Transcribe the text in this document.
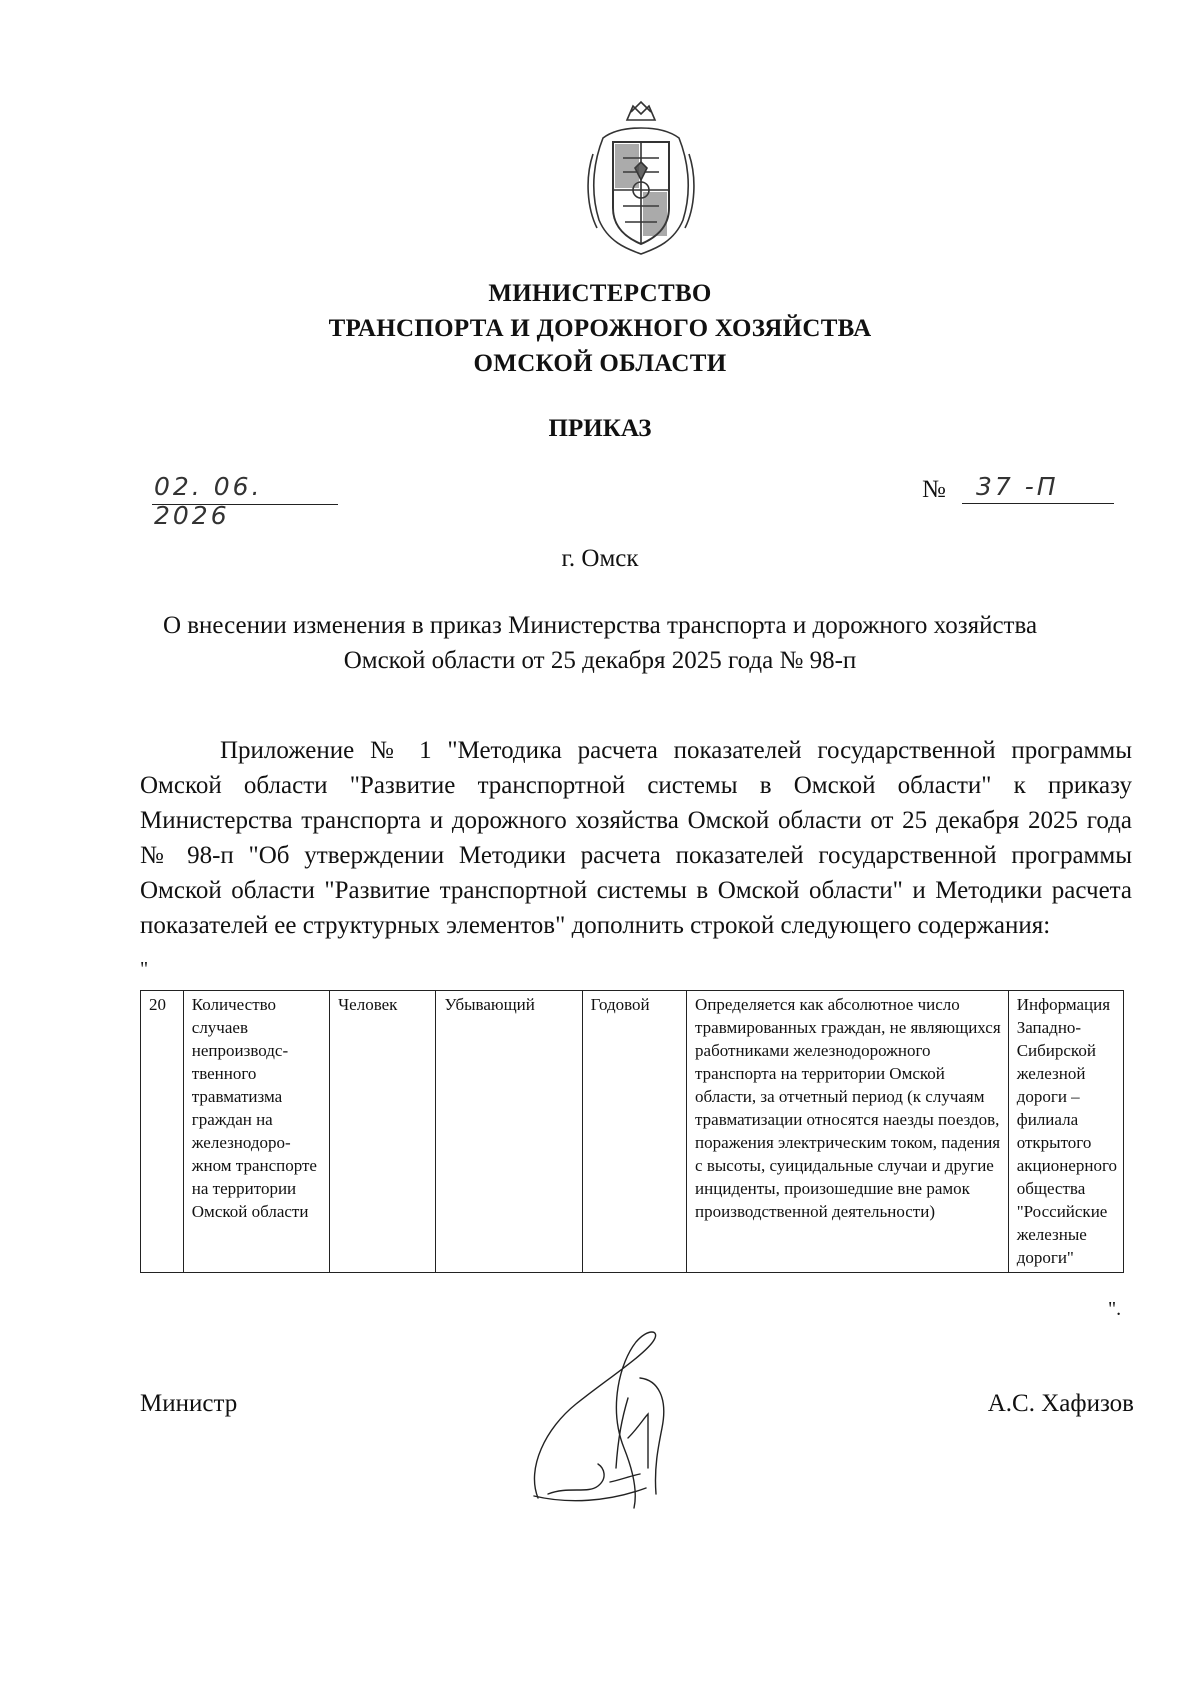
МИНИСТЕРСТВО
ТРАНСПОРТА И ДОРОЖНОГО ХОЗЯЙСТВА
ОМСКОЙ ОБЛАСТИ
ПРИКАЗ
02. 06. 2026
№ 37 -П
г. Омск
О внесении изменения в приказ Министерства транспорта и дорожного хозяйства Омской области от 25 декабря 2025 года № 98-п
Приложение № 1 "Методика расчета показателей государственной программы Омской области "Развитие транспортной системы в Омской области" к приказу Министерства транспорта и дорожного хозяйства Омской области от 25 декабря 2025 года № 98-п "Об утверждении Методики расчета показателей государственной программы Омской области "Развитие транспортной системы в Омской области" и Методики расчета показателей ее структурных элементов" дополнить строкой следующего содержания:
"
20	Количество случаев непроизводс-твенного травматизма граждан на железнодоро-жном транспорте на территории Омской области	Человек	Убывающий	Годовой	Определяется как абсолютное число травмированных граждан, не являющихся работниками железнодорожного транспорта на территории Омской области, за отчетный период (к случаям травматизации относятся наезды поездов, поражения электрическим током, падения с высоты, суицидальные случаи и другие инциденты, произошедшие вне рамок производственной деятельности)	Информация Западно-Сибирской железной дороги – филиала открытого акционерного общества "Российские железные дороги"
".
Министр	А.С. Хафизов
